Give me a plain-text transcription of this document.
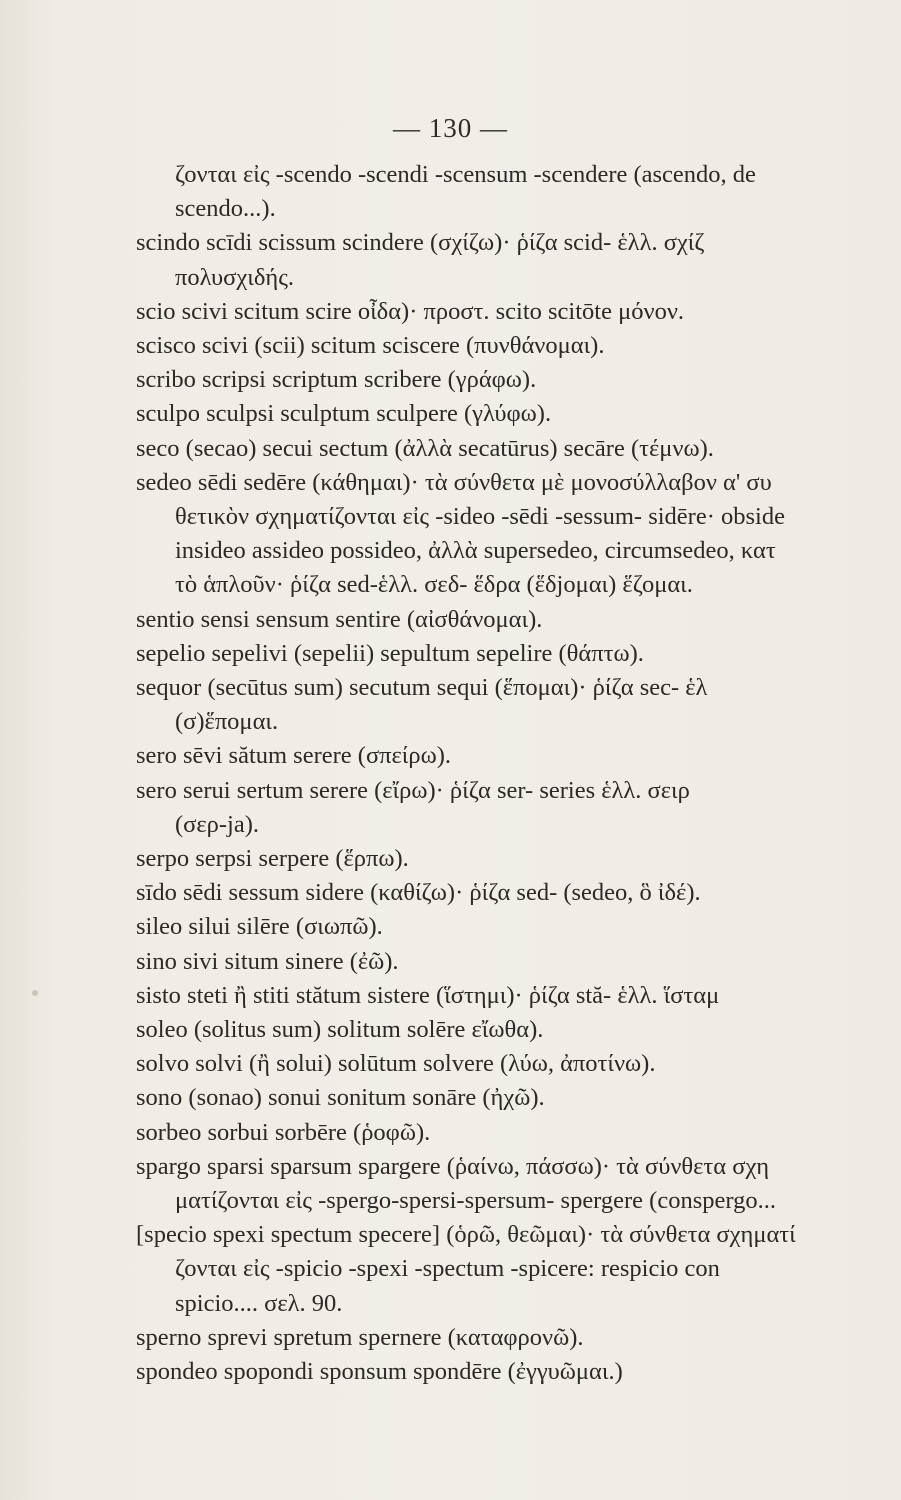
— 130 —
ζονται εἰς -scendo -scendi -scensum -scendere (ascendo, de
scendo...).
scindo scīdi scissum scindere (σχίζω)· ῥίζα scid- ἑλλ. σχίζ
πολυσχιδής.
scio scivi scitum scire οἶδα)· προστ. scito scitōte μόνον.
scisco scivi (scii) scitum sciscere (πυνθάνομαι).
scribo scripsi scriptum scribere (γράφω).
sculpo sculpsi sculptum sculpere (γλύφω).
seco (secao) secui sectum (ἀλλὰ secatūrus) secāre (τέμνω).
sedeo sēdi sedēre (κάθημαι)· τὰ σύνθετα μὲ μονοσύλλαβον α' συ
θετικὸν σχηματίζονται εἰς -sideo -sēdi -sessum- sidēre· obside
insideo assideo possideo, ἀλλὰ supersedeo, circumsedeo, κατ
τὸ ἁπλοῦν· ῥίζα sed-ἑλλ. σεδ- ἕδρα (ἕδjομαι) ἕζομαι.
sentio sensi sensum sentire (αἰσθάνομαι).
sepelio sepelivi (sepelii) sepultum sepelire (θάπτω).
sequor (secūtus sum) secutum sequi (ἕπομαι)· ῥίζα sec- ἑλ
(σ)ἕπομαι.
sero sēvi sătum serere (σπείρω).
sero serui sertum serere (εἴρω)· ῥίζα ser- series ἑλλ. σειρ
(σερ-ja).
serpo serpsi serpere (ἕρπω).
sīdo sēdi sessum sidere (καθίζω)· ῥίζα sed- (sedeo, ὃ ἰδέ).
sileo silui silēre (σιωπῶ).
sino sivi situm sinere (ἐῶ).
sisto steti ἢ stiti stătum sistere (ἵστημι)· ῥίζα stă- ἑλλ. ἵσταμ
soleo (solitus sum) solitum solēre εἴωθα).
solvo solvi (ἢ solui) solūtum solvere (λύω, ἀποτίνω).
sono (sonao) sonui sonitum sonāre (ἠχῶ).
sorbeo sorbui sorbēre (ῥοφῶ).
spargo sparsi sparsum spargere (ῥαίνω, πάσσω)· τὰ σύνθετα σχη
ματίζονται εἰς -spergo-spersi-spersum- spergere (conspergo...
[specio spexi spectum specere] (ὁρῶ, θεῶμαι)· τὰ σύνθετα σχηματί
ζονται εἰς -spicio -spexi -spectum -spicere: respicio con
spicio.... σελ. 90.
sperno sprevi spretum spernere (καταφρονῶ).
spondeo spopondi sponsum spondēre (ἐγγυῶμαι.)
